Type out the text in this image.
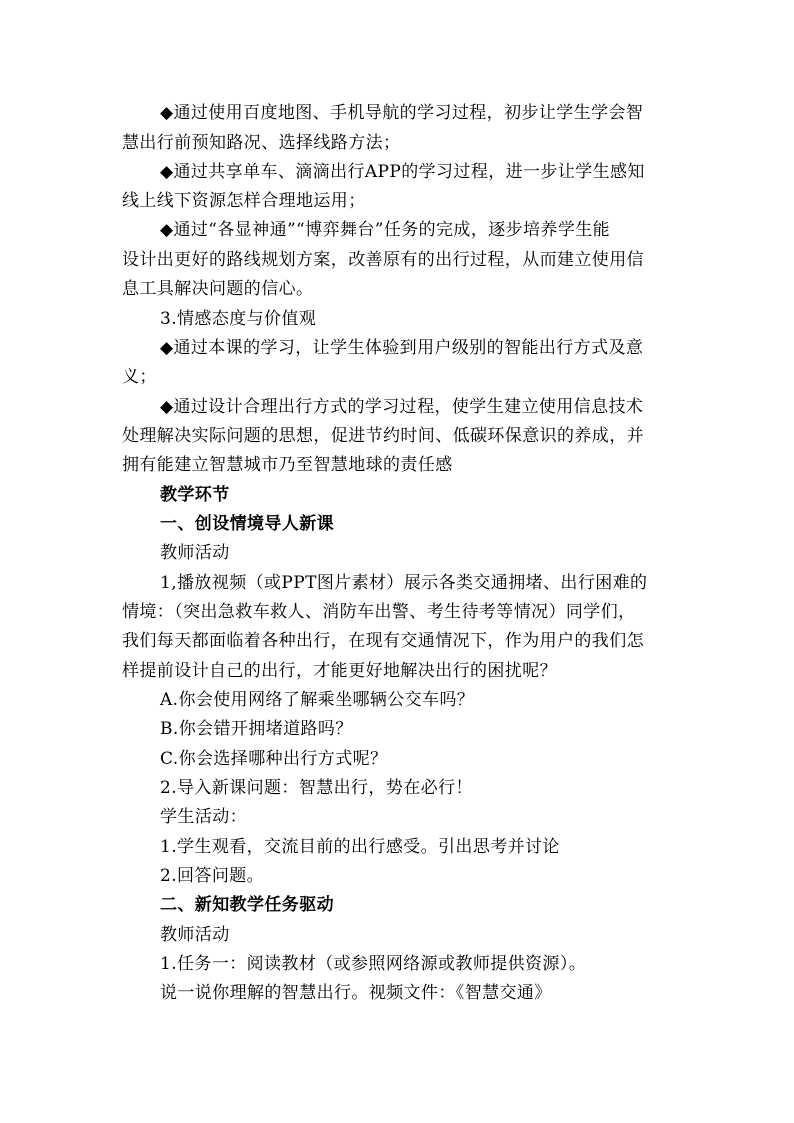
◆通过使用百度地图、手机导航的学习过程，初步让学生学会智
慧出行前预知路况、选择线路方法；
◆通过共享单车、滴滴出行APP的学习过程，进一步让学生感知
线上线下资源怎样合理地运用；
◆通过“各显神通”“博弈舞台”任务的完成，逐步培养学生能
设计出更好的路线规划方案，改善原有的出行过程，从而建立使用信
息工具解决问题的信心。
3.情感态度与价值观
◆通过本课的学习，让学生体验到用户级别的智能出行方式及意
义；
◆通过设计合理出行方式的学习过程，使学生建立使用信息技术
处理解决实际问题的思想，促进节约时间、低碳环保意识的养成，并
拥有能建立智慧城市乃至智慧地球的责任感
教学环节
一、创设情境导人新课
教师活动
1,播放视频（或PPT图片素材）展示各类交通拥堵、出行困难的
情境：（突出急救车救人、消防车出警、考生待考等情况）同学们，
我们每天都面临着各种出行，在现有交通情况下，作为用户的我们怎
样提前设计自己的出行，才能更好地解决出行的困扰呢？
A.你会使用网络了解乘坐哪辆公交车吗？
B.你会错开拥堵道路吗？
C.你会选择哪种出行方式呢？
2.导入新课问题：智慧出行，势在必行！
学生活动：
1.学生观看，交流目前的出行感受。引出思考并讨论
2.回答问题。
二、新知教学任务驱动
教师活动
1.任务一：阅读教材（或参照网络源或教师提供资源）。
说一说你理解的智慧出行。视频文件：《智慧交通》
